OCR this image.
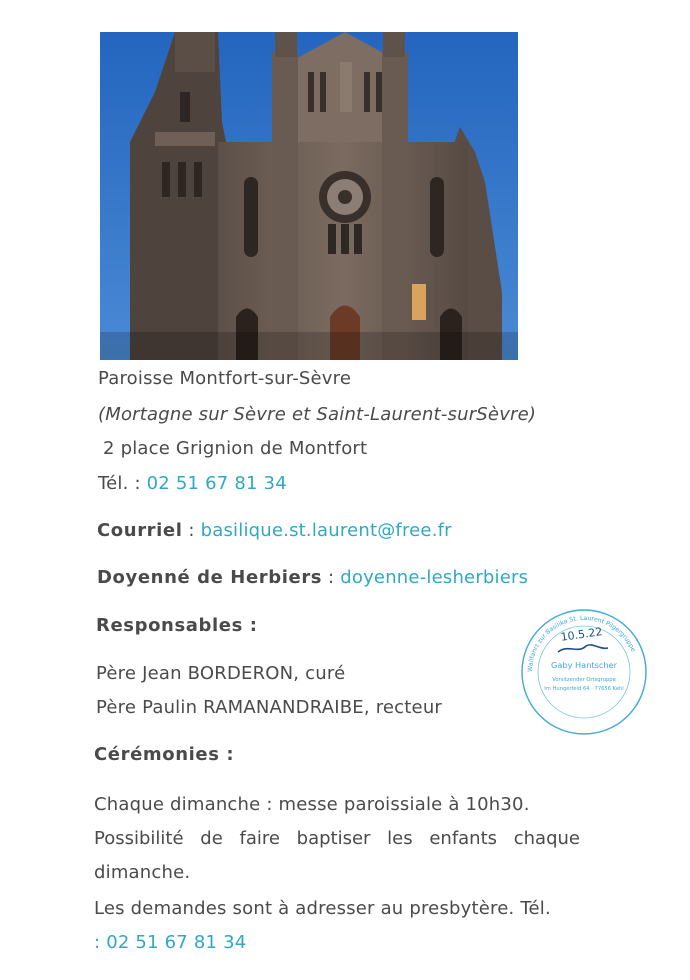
Paroisse Montfort-sur-Sèvre
(Mortagne sur Sèvre et Saint-Laurent-surSèvre)
2 place Grignion de Montfort
Tél. : 02 51 67 81 34
Courriel : basilique.st.laurent@free.fr
Doyenné de Herbiers : doyenne-lesherbiers
Responsables :
Père Jean BORDERON, curé
Père Paulin RAMANANDRAIBE, recteur
Cérémonies :
Chaque dimanche : messe paroissiale à 10h30.
Possibilité de faire baptiser les enfants chaque
dimanche.
Les demandes sont à adresser au presbytère. Tél.
: 02 51 67 81 34
Wallfahrt zur Basilika St. Laurent Pilgergruppe
10.5.22
Gaby Hantscher
Vorsitzender Ortsgruppe
Im Hungerfeld 64 · 77656 Kehl
